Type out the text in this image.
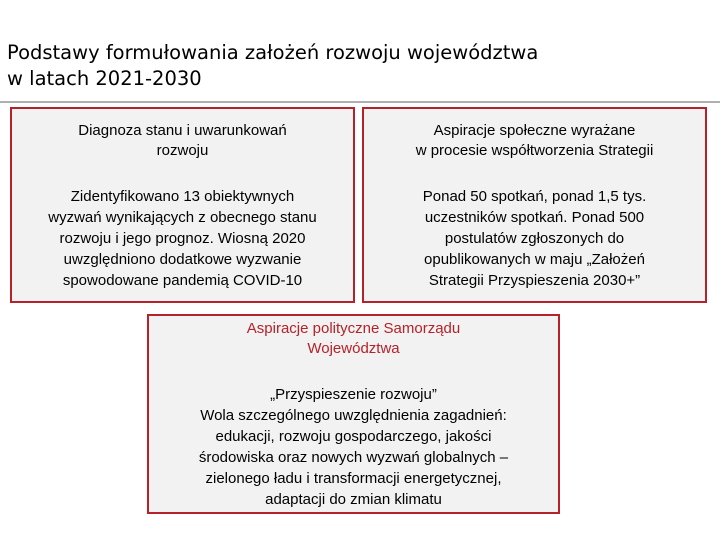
Podstawy formułowania założeń rozwoju województwa
w latach 2021-2030
Diagnoza stanu i uwarunkowań
rozwoju
Zidentyfikowano 13 obiektywnych
wyzwań wynikających z obecnego stanu
rozwoju i jego prognoz. Wiosną 2020
uwzględniono dodatkowe wyzwanie
spowodowane pandemią COVID-10
Aspiracje społeczne wyrażane
w procesie współtworzenia Strategii
Ponad 50 spotkań, ponad 1,5 tys.
uczestników spotkań. Ponad 500
postulatów zgłoszonych do
opublikowanych w maju „Założeń
Strategii Przyspieszenia 2030+”
Aspiracje polityczne Samorządu
Województwa
„Przyspieszenie rozwoju”
Wola szczególnego uwzględnienia zagadnień:
edukacji, rozwoju gospodarczego, jakości
środowiska oraz nowych wyzwań globalnych –
zielonego ładu i transformacji energetycznej,
adaptacji do zmian klimatu
